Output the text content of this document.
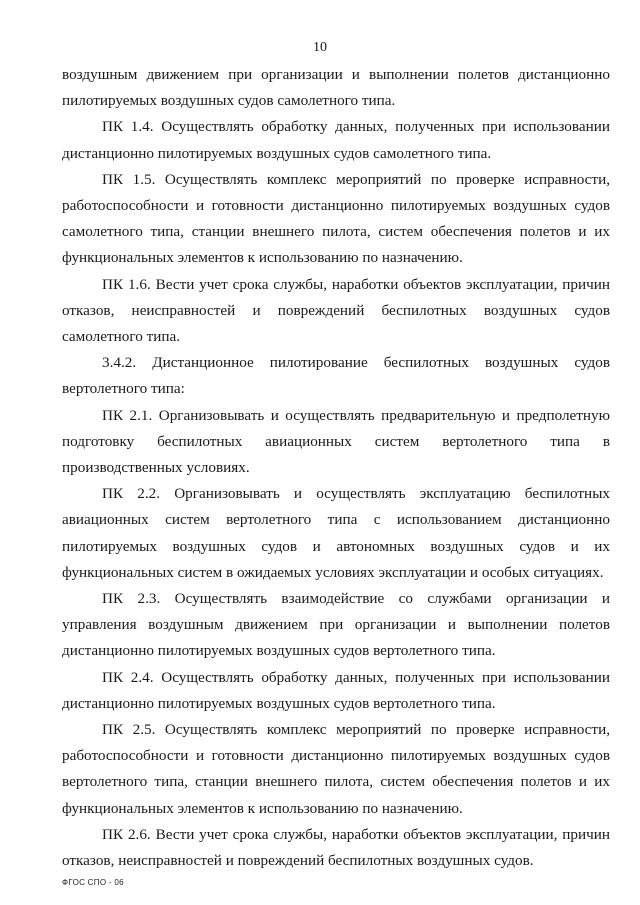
10

воздушным движением при организации и выполнении полетов дистанционно пилотируемых воздушных судов самолетного типа.

ПК 1.4. Осуществлять обработку данных, полученных при использовании дистанционно пилотируемых воздушных судов самолетного типа.

ПК 1.5. Осуществлять комплекс мероприятий по проверке исправности, работоспособности и готовности дистанционно пилотируемых воздушных судов самолетного типа, станции внешнего пилота, систем обеспечения полетов и их функциональных элементов к использованию по назначению.

ПК 1.6. Вести учет срока службы, наработки объектов эксплуатации, причин отказов, неисправностей и повреждений беспилотных воздушных судов самолетного типа.

3.4.2. Дистанционное пилотирование беспилотных воздушных судов вертолетного типа:

ПК 2.1. Организовывать и осуществлять предварительную и предполетную подготовку беспилотных авиационных систем вертолетного типа в производственных условиях.

ПК 2.2. Организовывать и осуществлять эксплуатацию беспилотных авиационных систем вертолетного типа с использованием дистанционно пилотируемых воздушных судов и автономных воздушных судов и их функциональных систем в ожидаемых условиях эксплуатации и особых ситуациях.

ПК 2.3. Осуществлять взаимодействие со службами организации и управления воздушным движением при организации и выполнении полетов дистанционно пилотируемых воздушных судов вертолетного типа.

ПК 2.4. Осуществлять обработку данных, полученных при использовании дистанционно пилотируемых воздушных судов вертолетного типа.

ПК 2.5. Осуществлять комплекс мероприятий по проверке исправности, работоспособности и готовности дистанционно пилотируемых воздушных судов вертолетного типа, станции внешнего пилота, систем обеспечения полетов и их функциональных элементов к использованию по назначению.

ПК 2.6. Вести учет срока службы, наработки объектов эксплуатации, причин отказов, неисправностей и повреждений беспилотных воздушных судов.

ФГОС СПО - 06
